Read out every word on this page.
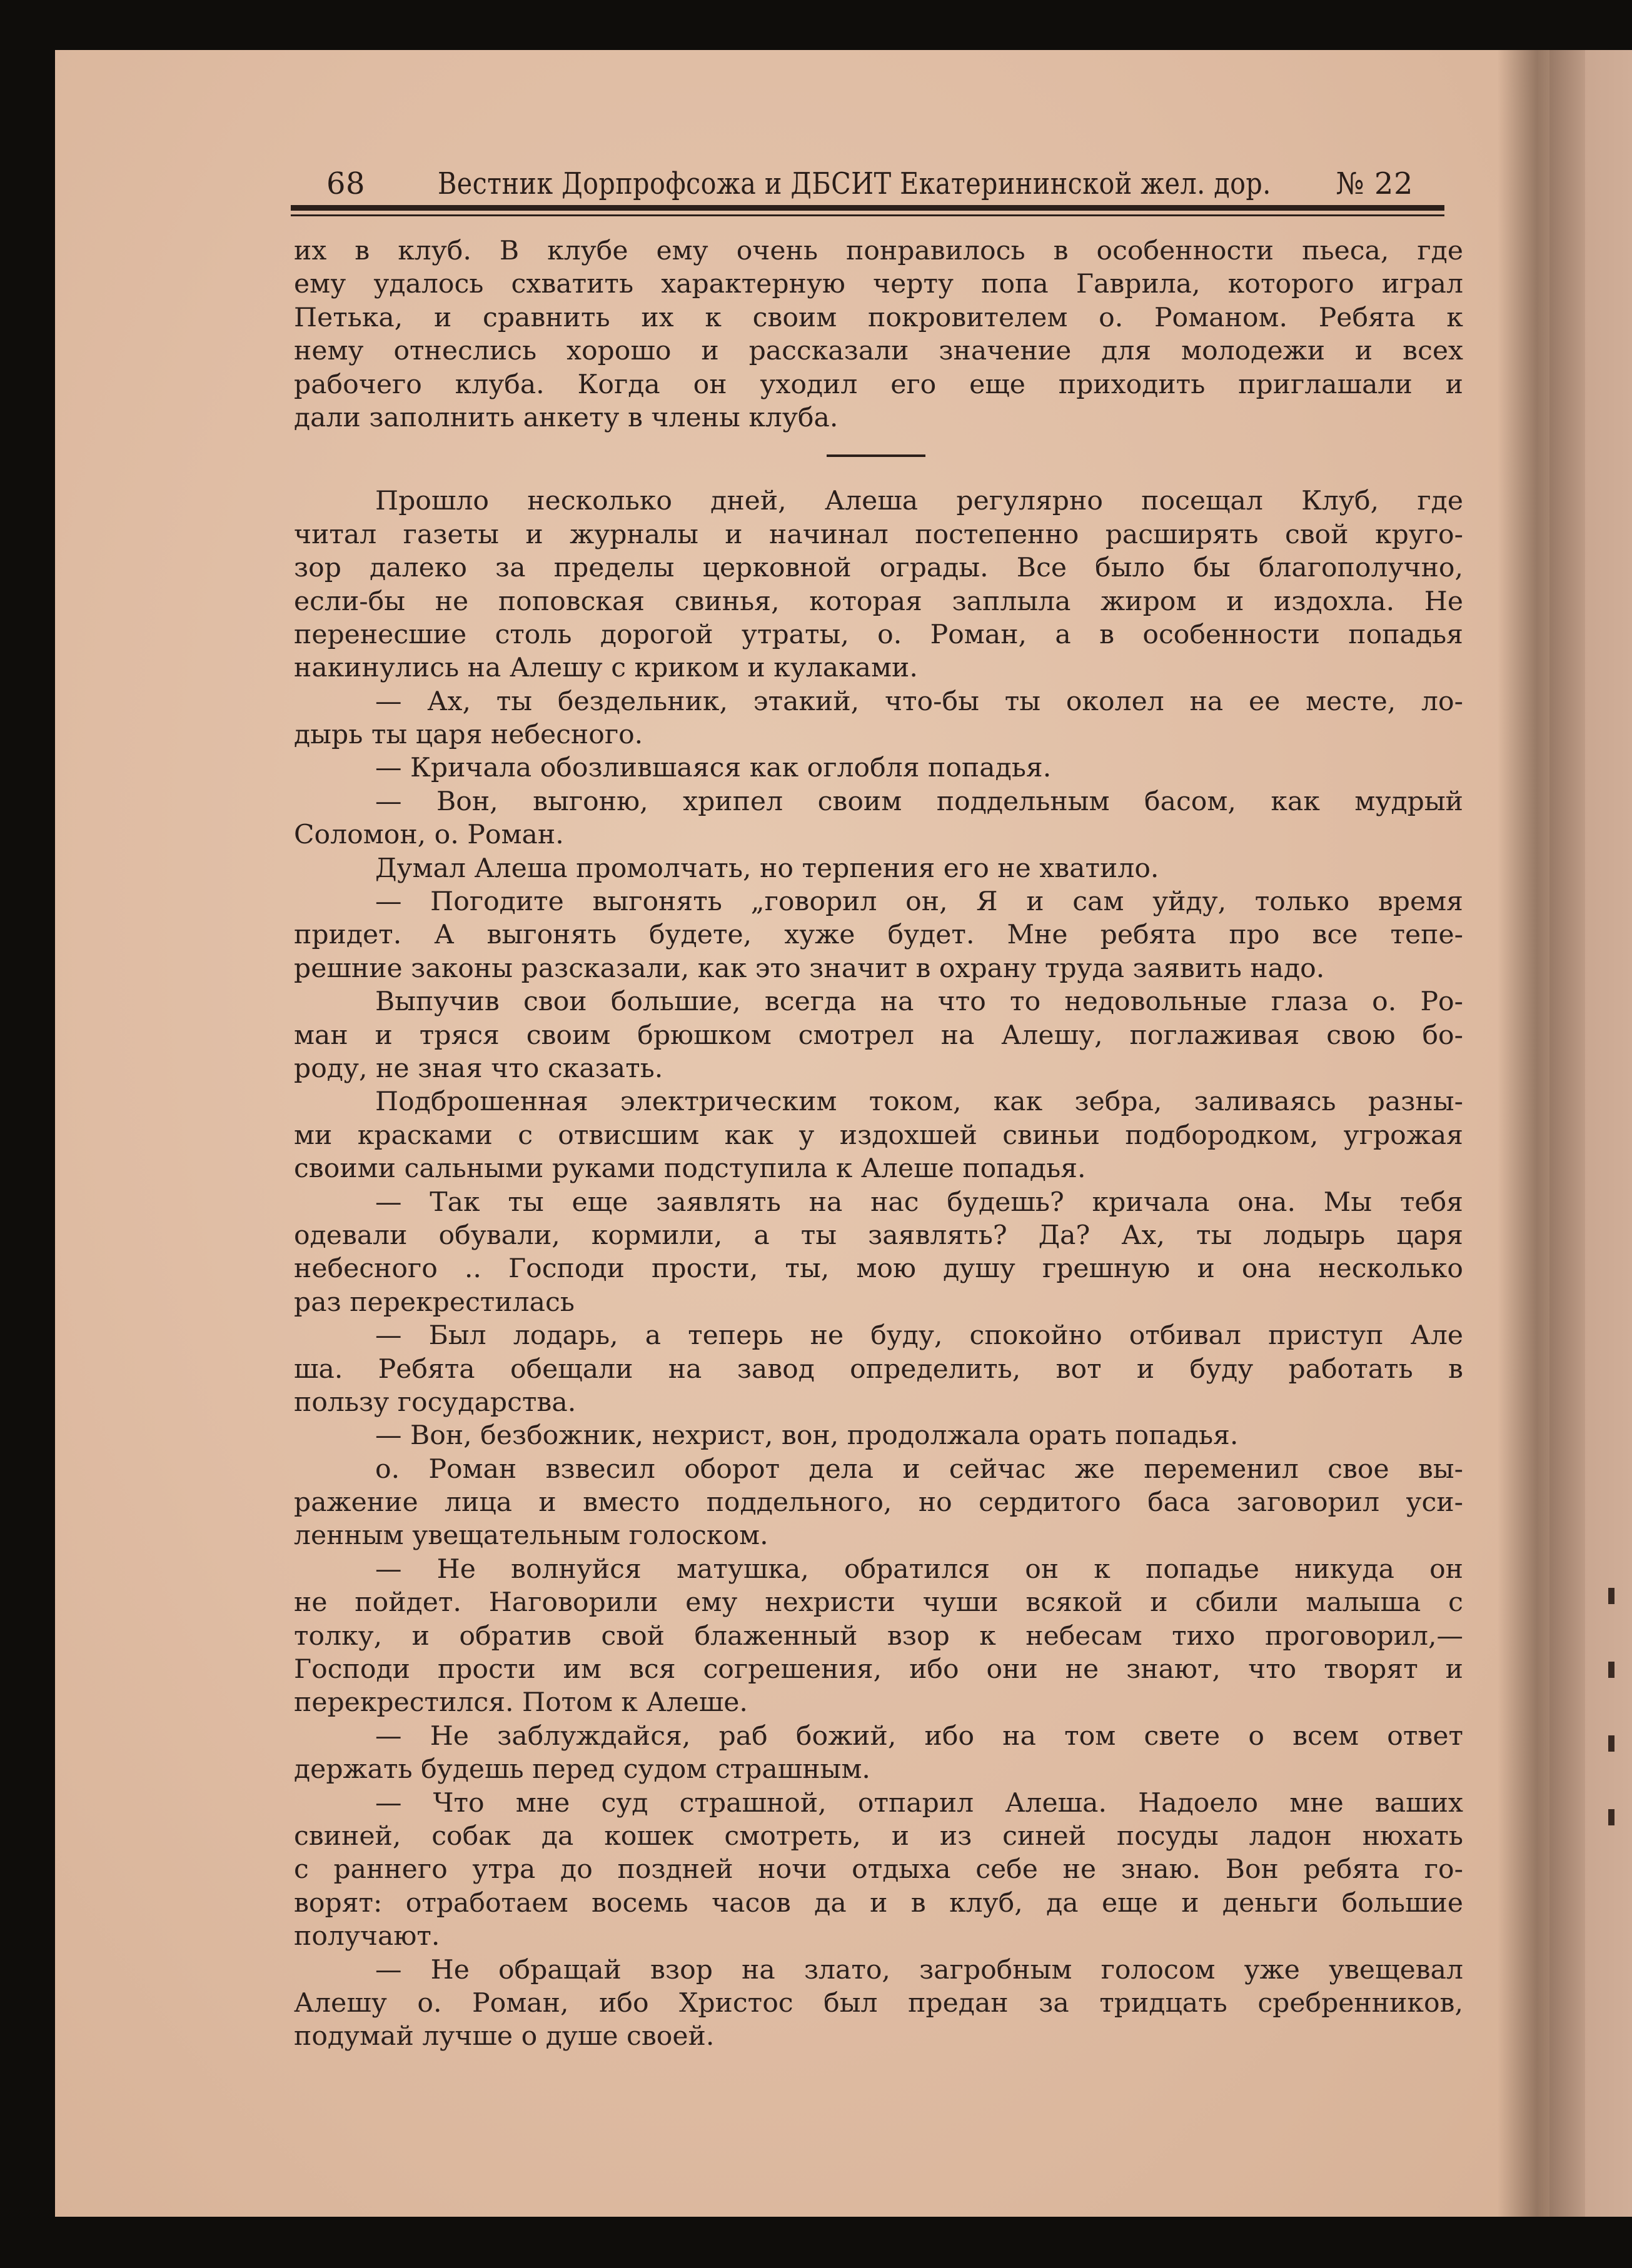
68 Вестник Дорпрофсожа и ДБСИТ Екатерининской жел. дор. № 22
их в клуб. В клубе ему очень понравилось в особенности пьеса, где
ему удалось схватить характерную черту попа Гаврила, которого играл
Петька, и сравнить их к своим покровителем о. Романом. Ребята к
нему отнеслись хорошо и рассказали значение для молодежи и всех
рабочего клуба. Когда он уходил его еще приходить приглашали и
дали заполнить анкету в члены клуба.
Прошло несколько дней, Алеша регулярно посещал Клуб, где
читал газеты и журналы и начинал постепенно расширять свой круго-
зор далеко за пределы церковной ограды. Все было бы благополучно,
если-бы не поповская свинья, которая заплыла жиром и издохла. Не
перенесшие столь дорогой утраты, о. Роман, а в особенности попадья
накинулись на Алешу с криком и кулаками.
— Ах, ты бездельник, этакий, что-бы ты околел на ее месте, ло-
дырь ты царя небесного.
— Кричала обозлившаяся как оглобля попадья.
— Вон, выгоню, хрипел своим поддельным басом, как мудрый
Соломон, о. Роман.
Думал Алеша промолчать, но терпения его не хватило.
— Погодите выгонять „говорил он, Я и сам уйду, только время
придет. А выгонять будете, хуже будет. Мне ребята про все тепе-
решние законы разсказали, как это значит в охрану труда заявить надо.
Выпучив свои большие, всегда на что то недовольные глаза о. Ро-
ман и тряся своим брюшком смотрел на Алешу, поглаживая свою бо-
роду, не зная что сказать.
Подброшенная электрическим током, как зебра, заливаясь разны-
ми красками с отвисшим как у издохшей свиньи подбородком, угрожая
своими сальными руками подступила к Алеше попадья.
— Так ты еще заявлять на нас будешь? кричала она. Мы тебя
одевали обували, кормили, а ты заявлять? Да? Ах, ты лодырь царя
небесного .. Господи прости, ты, мою душу грешную и она несколько
раз перекрестилась
— Был лодарь, а теперь не буду, спокойно отбивал приступ Але
ша. Ребята обещали на завод определить, вот и буду работать в
пользу государства.
— Вон, безбожник, нехрист, вон, продолжала орать попадья.
о. Роман взвесил оборот дела и сейчас же переменил свое вы-
ражение лица и вместо поддельного, но сердитого баса заговорил уси-
ленным увещательным голоском.
— Не волнуйся матушка, обратился он к попадье никуда он
не пойдет. Наговорили ему нехристи чуши всякой и сбили малыша с
толку, и обратив свой блаженный взор к небесам тихо проговорил,—
Господи прости им вся согрешения, ибо они не знают, что творят и
перекрестился. Потом к Алеше.
— Не заблуждайся, раб божий, ибо на том свете о всем ответ
держать будешь перед судом страшным.
— Что мне суд страшной, отпарил Алеша. Надоело мне ваших
свиней, собак да кошек смотреть, и из синей посуды ладон нюхать
с раннего утра до поздней ночи отдыха себе не знаю. Вон ребята го-
ворят: отработаем восемь часов да и в клуб, да еще и деньги большие
получают.
— Не обращай взор на злато, загробным голосом уже увещевал
Алешу о. Роман, ибо Христос был предан за тридцать сребренников,
подумай лучше о душе своей.
